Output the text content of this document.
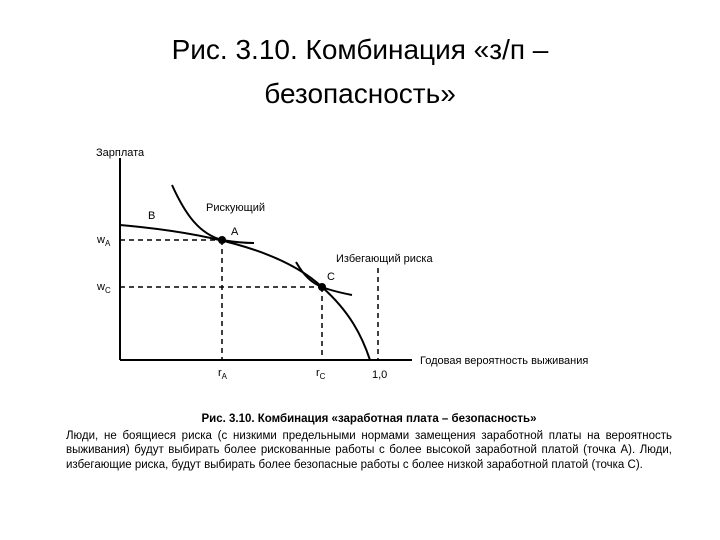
Рис. 3.10. Комбинация «з/п –
безопасность»
Зарплата
Годовая вероятность выживания
B
Рискующий
Избегающий риска
A
C
$w_A$
$w_C$
$r_A$	$r_C$	1,0
Рис. 3.10. Комбинация «заработная плата – безопасность»
Люди, не боящиеся риска (с низкими предельными нормами замещения заработной платы на вероятность выживания) будут выбирать более рискованные работы с более высокой заработной платой (точка A). Люди, избегающие риска, будут выбирать более безопасные работы с более низкой заработной платой (точка C).
